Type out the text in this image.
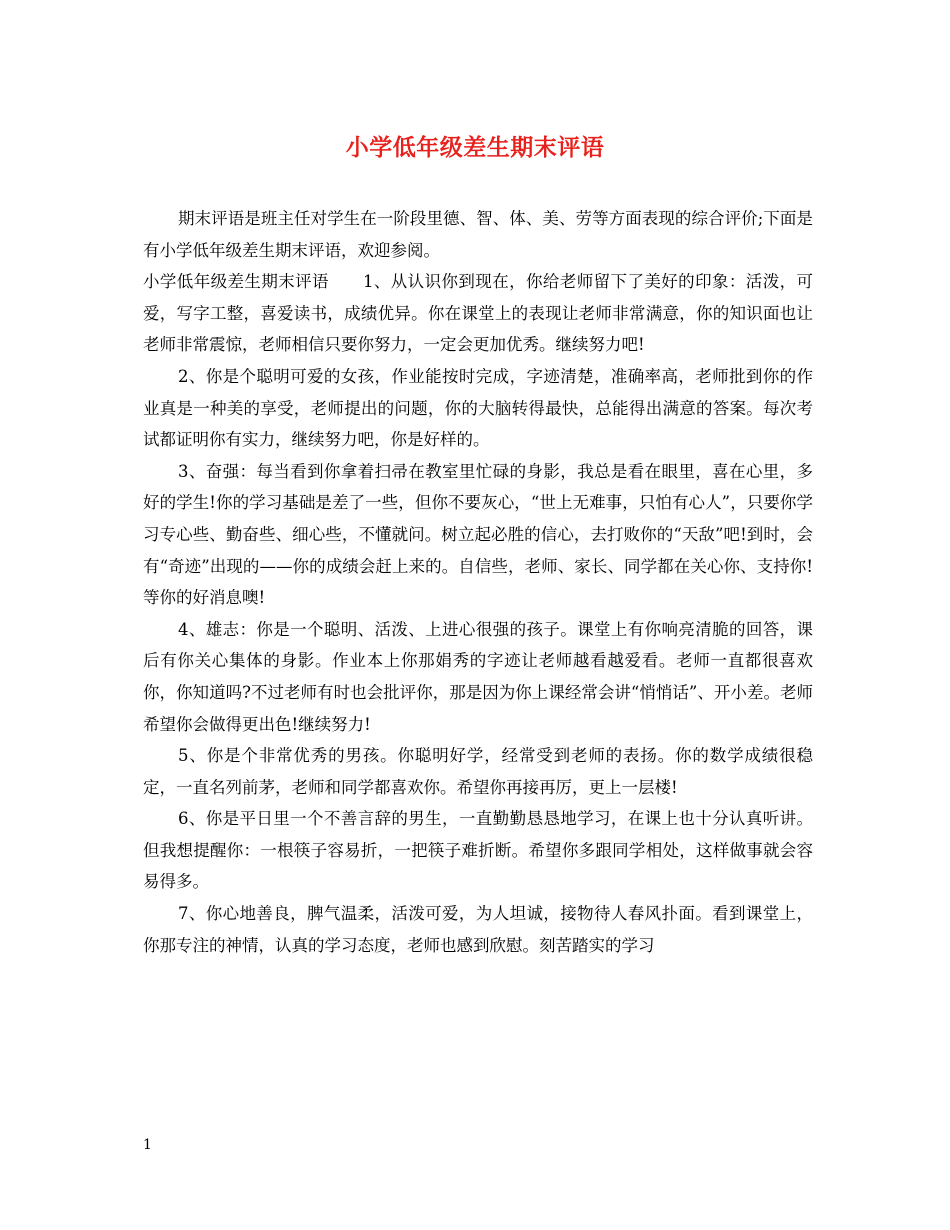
小学低年级差生期末评语

期末评语是班主任对学生在一阶段里德、智、体、美、劳等方面表现的综合评价;下面是有小学低年级差生期末评语，欢迎参阅。

小学低年级差生期末评语 1、从认识你到现在，你给老师留下了美好的印象：活泼，可爱，写字工整，喜爱读书，成绩优异。你在课堂上的表现让老师非常满意，你的知识面也让老师非常震惊，老师相信只要你努力，一定会更加优秀。继续努力吧!

2、你是个聪明可爱的女孩，作业能按时完成，字迹清楚，准确率高，老师批到你的作业真是一种美的享受，老师提出的问题，你的大脑转得最快，总能得出满意的答案。每次考试都证明你有实力，继续努力吧，你是好样的。

3、奋强：每当看到你拿着扫帚在教室里忙碌的身影，我总是看在眼里，喜在心里，多好的学生!你的学习基础是差了一些，但你不要灰心，“世上无难事，只怕有心人”，只要你学习专心些、勤奋些、细心些，不懂就问。树立起必胜的信心，去打败你的“天敌”吧!到时，会有“奇迹”出现的——你的成绩会赶上来的。自信些，老师、家长、同学都在关心你、支持你!等你的好消息噢!

4、雄志：你是一个聪明、活泼、上进心很强的孩子。课堂上有你响亮清脆的回答，课后有你关心集体的身影。作业本上你那娟秀的字迹让老师越看越爱看。老师一直都很喜欢你，你知道吗?不过老师有时也会批评你，那是因为你上课经常会讲“悄悄话”、开小差。老师希望你会做得更出色!继续努力!

5、你是个非常优秀的男孩。你聪明好学，经常受到老师的表扬。你的数学成绩很稳定，一直名列前茅，老师和同学都喜欢你。希望你再接再厉，更上一层楼!

6、你是平日里一个不善言辞的男生，一直勤勤恳恳地学习，在课上也十分认真听讲。但我想提醒你：一根筷子容易折，一把筷子难折断。希望你多跟同学相处，这样做事就会容易得多。

7、你心地善良，脾气温柔，活泼可爱，为人坦诚，接物待人春风扑面。看到课堂上，你那专注的神情，认真的学习态度，老师也感到欣慰。刻苦踏实的学习

1
